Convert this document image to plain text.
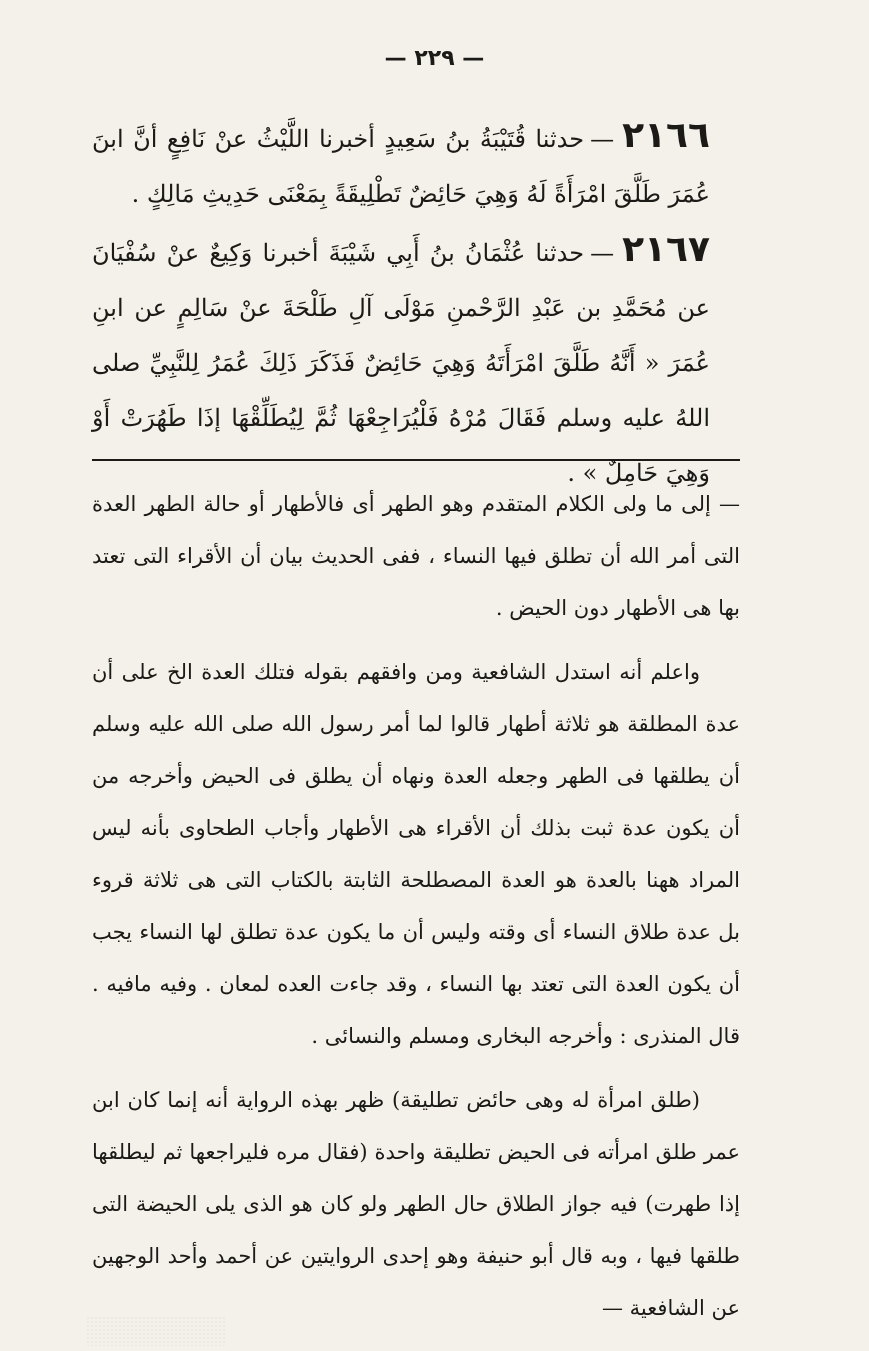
— ٢٢٩ —

٢١٦٦—حدثنا قُتَيْبَةُ بنُ سَعِيدٍ أخبرنا اللَّيْثُ عنْ نَافِعٍ أنَّ ابنَ عُمَرَ طَلَّقَ امْرَأَةً لَهُ وَهِيَ حَائِضٌ تَطْلِيقَةً بِمَعْنَى حَدِيثِ مَالِكٍ .

٢١٦٧—حدثنا عُثْمَانُ بنُ أَبِي شَيْبَةَ أخبرنا وَكِيعٌ عنْ سُفْيَانَ عن مُحَمَّدِ بن عَبْدِ الرَّحْمنِ مَوْلَى آلِ طَلْحَةَ عنْ سَالِمٍ عن ابنِ عُمَرَ « أَنَّهُ طَلَّقَ امْرَأَتَهُ وَهِيَ حَائِضٌ فَذَكَرَ ذَلِكَ عُمَرُ لِلنَّبِيِّ صلى اللهُ عليه وسلم فَقَالَ مُرْهُ فَلْيُرَاجِعْهَا ثُمَّ لِيُطَلِّقْهَا إذَا طَهُرَتْ أَوْ وَهِيَ حَامِلٌ » .

— إلى ما ولى الكلام المتقدم وهو الطهر أى فالأطهار أو حالة الطهر العدة التى أمر الله أن تطلق فيها النساء ، ففى الحديث بيان أن الأقراء التى تعتد بها هى الأطهار دون الحيض .

واعلم أنه استدل الشافعية ومن وافقهم بقوله فتلك العدة الخ على أن عدة المطلقة هو ثلاثة أطهار قالوا لما أمر رسول الله صلى الله عليه وسلم أن يطلقها فى الطهر وجعله العدة ونهاه أن يطلق فى الحيض وأخرجه من أن يكون عدة ثبت بذلك أن الأقراء هى الأطهار وأجاب الطحاوى بأنه ليس المراد ههنا بالعدة هو العدة المصطلحة الثابتة بالكتاب التى هى ثلاثة قروء بل عدة طلاق النساء أى وقته وليس أن ما يكون عدة تطلق لها النساء يجب أن يكون العدة التى تعتد بها النساء ، وقد جاءت العده لمعان . وفيه مافيه . قال المنذرى : وأخرجه البخارى ومسلم والنسائى .

(طلق امرأة له وهى حائض تطليقة) ظهر بهذه الرواية أنه إنما كان ابن عمر طلق امرأته فى الحيض تطليقة واحدة (فقال مره فليراجعها ثم ليطلقها إذا طهرت) فيه جواز الطلاق حال الطهر ولو كان هو الذى يلى الحيضة التى طلقها فيها ، وبه قال أبو حنيفة وهو إحدى الروايتين عن أحمد وأحد الوجهين عن الشافعية —
